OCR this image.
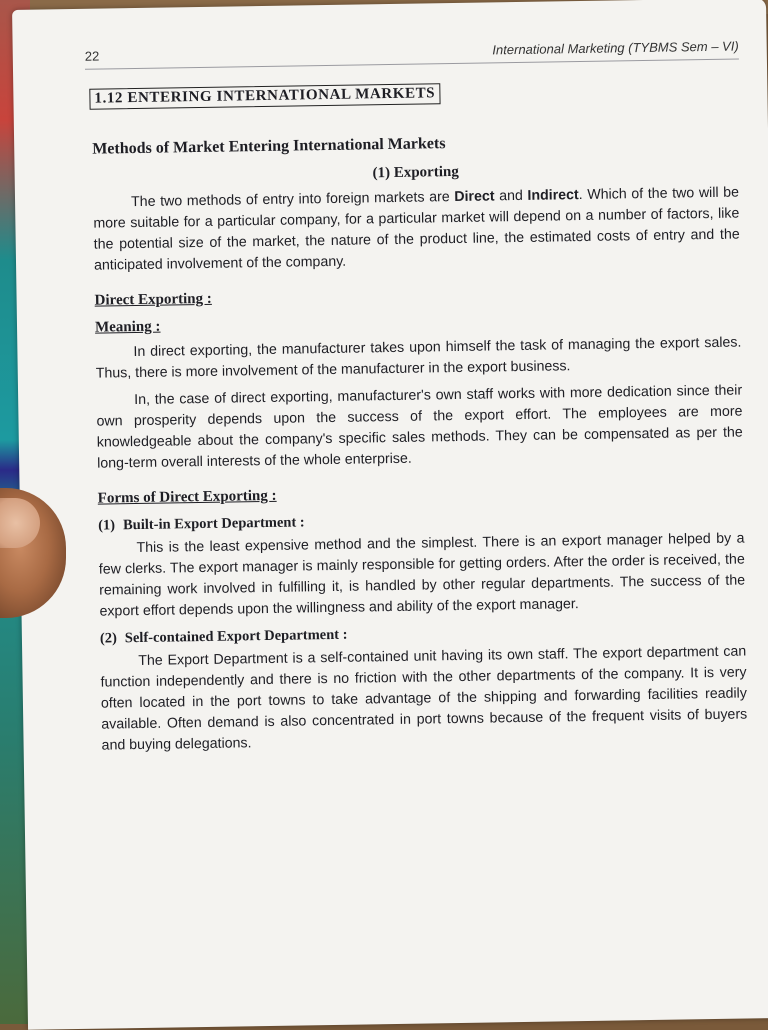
22	International Marketing (TYBMS Sem – VI)
1.12 ENTERING INTERNATIONAL MARKETS
Methods of Market Entering International Markets
(1) Exporting

The two methods of entry into foreign markets are Direct and Indirect. Which of the two will be more suitable for a particular company, for a particular market will depend on a number of factors, like the potential size of the market, the nature of the product line, the estimated costs of entry and the anticipated involvement of the company.

Direct Exporting :
Meaning :

In direct exporting, the manufacturer takes upon himself the task of managing the export sales. Thus, there is more involvement of the manufacturer in the export business.

In, the case of direct exporting, manufacturer's own staff works with more dedication since their own prosperity depends upon the success of the export effort. The employees are more knowledgeable about the company's specific sales methods. They can be compensated as per the long-term overall interests of the whole enterprise.

Forms of Direct Exporting :
(1) Built-in Export Department :

This is the least expensive method and the simplest. There is an export manager helped by a few clerks. The export manager is mainly responsible for getting orders. After the order is received, the remaining work involved in fulfilling it, is handled by other regular departments. The success of the export effort depends upon the willingness and ability of the export manager.

(2) Self-contained Export Department :

The Export Department is a self-contained unit having its own staff. The export department can function independently and there is no friction with the other departments of the company. It is very often located in the port towns to take advantage of the shipping and forwarding facilities readily available. Often demand is also concentrated in port towns because of the frequent visits of buyers and buying delegations.
